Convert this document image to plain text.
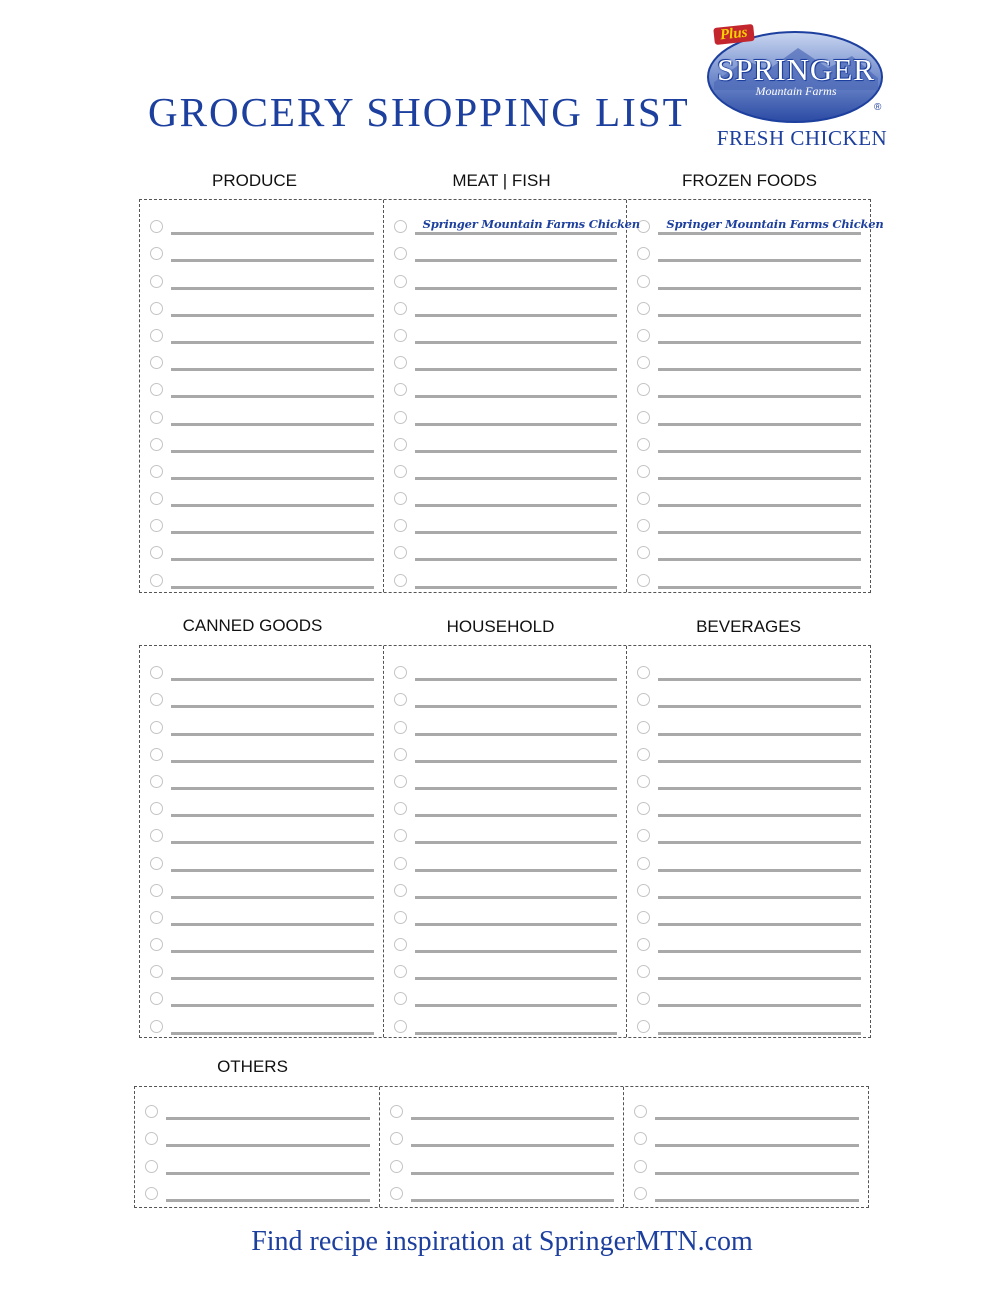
GROCERY SHOPPING LIST
Plus
SPRINGER
Mountain Farms
®
FRESH CHICKEN
PRODUCE	MEAT | FISH	FROZEN FOODS
Springer Mountain Farms Chicken Springer Mountain Farms Chicken
CANNED GOODS	HOUSEHOLD	BEVERAGES
OTHERS
Find recipe inspiration at SpringerMTN.com
